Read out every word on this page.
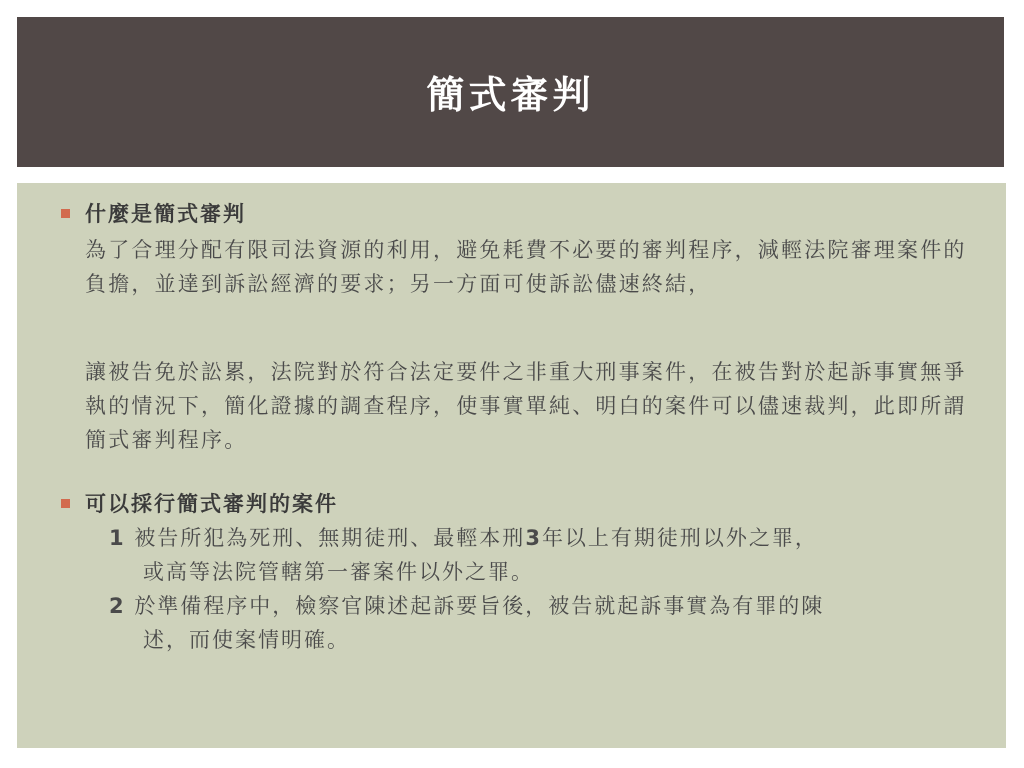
簡式審判
什麼是簡式審判
為了合理分配有限司法資源的利用，避免耗費不必要的審判程序，減輕法院審理案件的負擔，並達到訴訟經濟的要求；另一方面可使訴訟儘速終結，
讓被告免於訟累，法院對於符合法定要件之非重大刑事案件，在被告對於起訴事實無爭執的情況下，簡化證據的調查程序，使事實單純、明白的案件可以儘速裁判，此即所謂簡式審判程序。
可以採行簡式審判的案件
1 被告所犯為死刑、無期徒刑、最輕本刑3年以上有期徒刑以外之罪，
或高等法院管轄第一審案件以外之罪。
2 於準備程序中，檢察官陳述起訴要旨後，被告就起訴事實為有罪的陳
述，而使案情明確。
